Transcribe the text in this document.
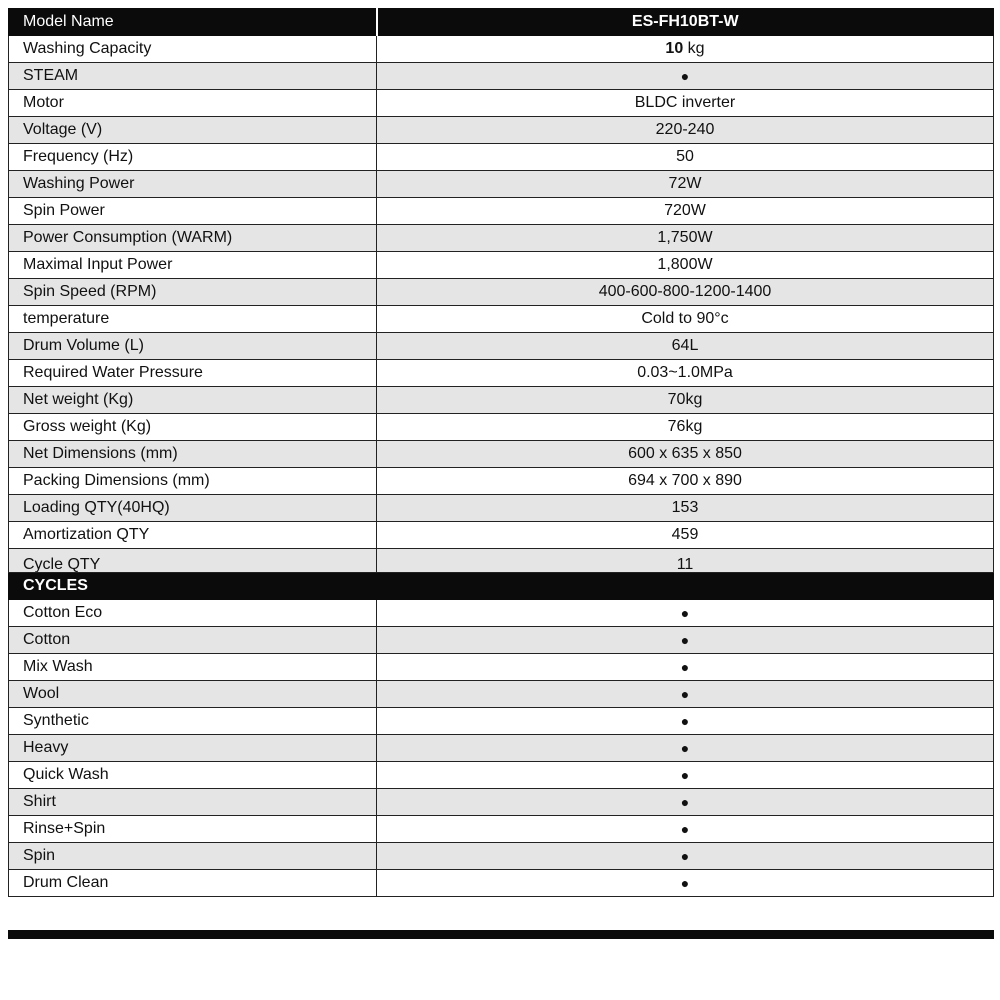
Model Name	ES-FH10BT-W
Washing Capacity	10 kg
STEAM	●
Motor	BLDC inverter
Voltage (V)	220-240
Frequency (Hz)	50
Washing Power	72W
Spin Power	720W
Power Consumption (WARM)	1,750W
Maximal Input Power	1,800W
Spin Speed (RPM)	400-600-800-1200-1400
temperature	Cold to 90°c
Drum Volume (L)	64L
Required Water Pressure	0.03~1.0MPa
Net weight (Kg)	70kg
Gross weight (Kg)	76kg
Net Dimensions (mm)	600 x 635 x 850
Packing Dimensions (mm)	694 x 700 x 890
Loading QTY(40HQ)	153
Amortization QTY	459
Cycle QTY	11
CYCLES	
Cotton Eco	●
Cotton	●
Mix Wash	●
Wool	●
Synthetic	●
Heavy	●
Quick Wash	●
Shirt	●
Rinse+Spin	●
Spin	●
Drum Clean	●
